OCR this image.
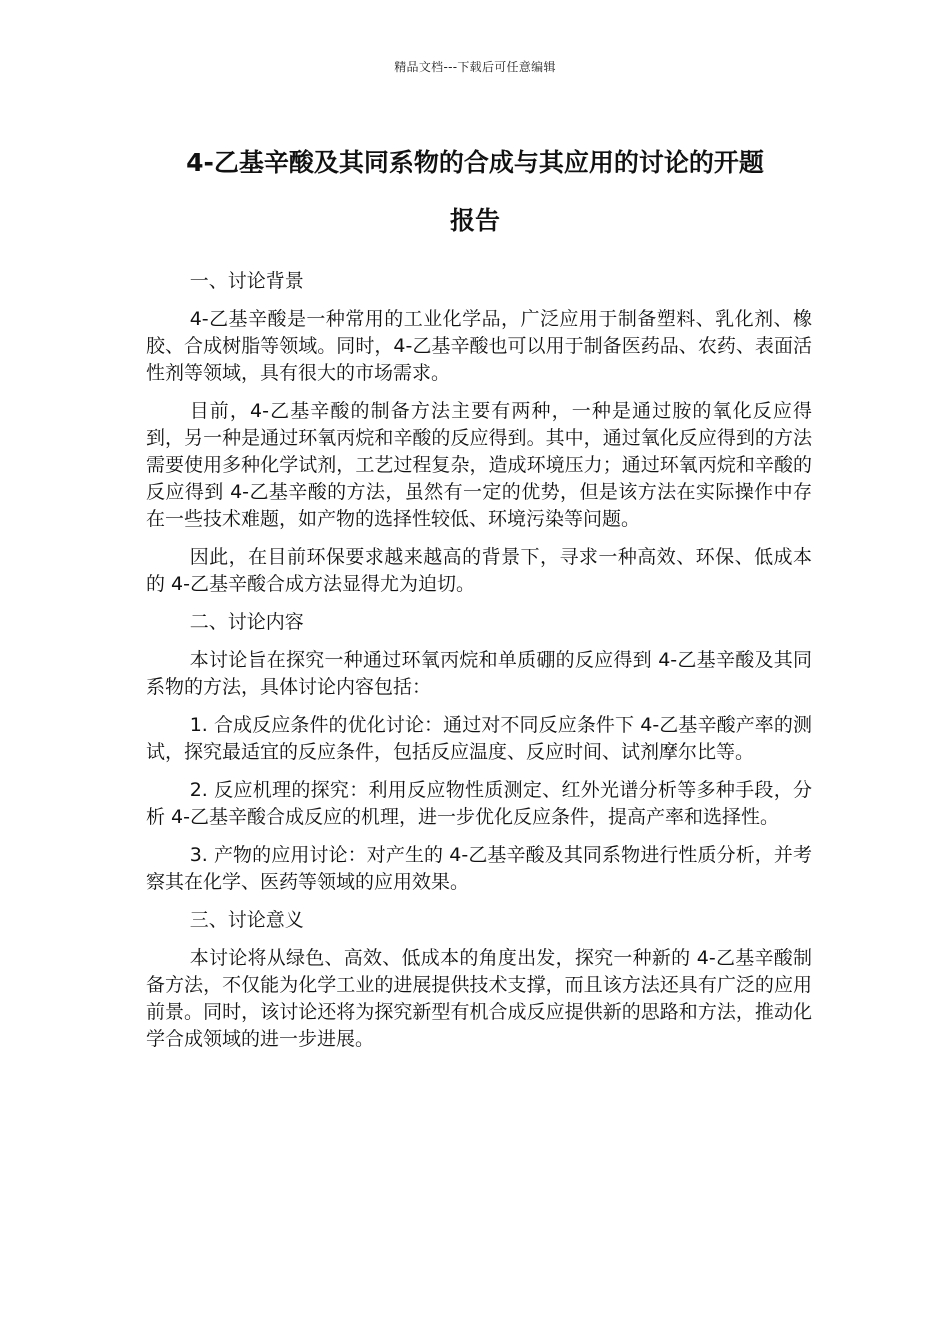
精品文档---下载后可任意编辑
4-乙基辛酸及其同系物的合成与其应用的讨论的开题
报告

一、讨论背景

4-乙基辛酸是一种常用的工业化学品，广泛应用于制备塑料、乳化剂、橡胶、合成树脂等领域。同时，4-乙基辛酸也可以用于制备医药品、农药、表面活性剂等领域，具有很大的市场需求。

目前，4-乙基辛酸的制备方法主要有两种，一种是通过胺的氧化反应得到，另一种是通过环氧丙烷和辛酸的反应得到。其中，通过氧化反应得到的方法需要使用多种化学试剂，工艺过程复杂，造成环境压力；通过环氧丙烷和辛酸的反应得到 4-乙基辛酸的方法，虽然有一定的优势，但是该方法在实际操作中存在一些技术难题，如产物的选择性较低、环境污染等问题。

因此，在目前环保要求越来越高的背景下，寻求一种高效、环保、低成本的 4-乙基辛酸合成方法显得尤为迫切。

二、讨论内容

本讨论旨在探究一种通过环氧丙烷和单质硼的反应得到 4-乙基辛酸及其同系物的方法，具体讨论内容包括：

1. 合成反应条件的优化讨论：通过对不同反应条件下 4-乙基辛酸产率的测试，探究最适宜的反应条件，包括反应温度、反应时间、试剂摩尔比等。

2. 反应机理的探究：利用反应物性质测定、红外光谱分析等多种手段，分析 4-乙基辛酸合成反应的机理，进一步优化反应条件，提高产率和选择性。

3. 产物的应用讨论：对产生的 4-乙基辛酸及其同系物进行性质分析，并考察其在化学、医药等领域的应用效果。

三、讨论意义

本讨论将从绿色、高效、低成本的角度出发，探究一种新的 4-乙基辛酸制备方法，不仅能为化学工业的进展提供技术支撑，而且该方法还具有广泛的应用前景。同时，该讨论还将为探究新型有机合成反应提供新的思路和方法，推动化学合成领域的进一步进展。
